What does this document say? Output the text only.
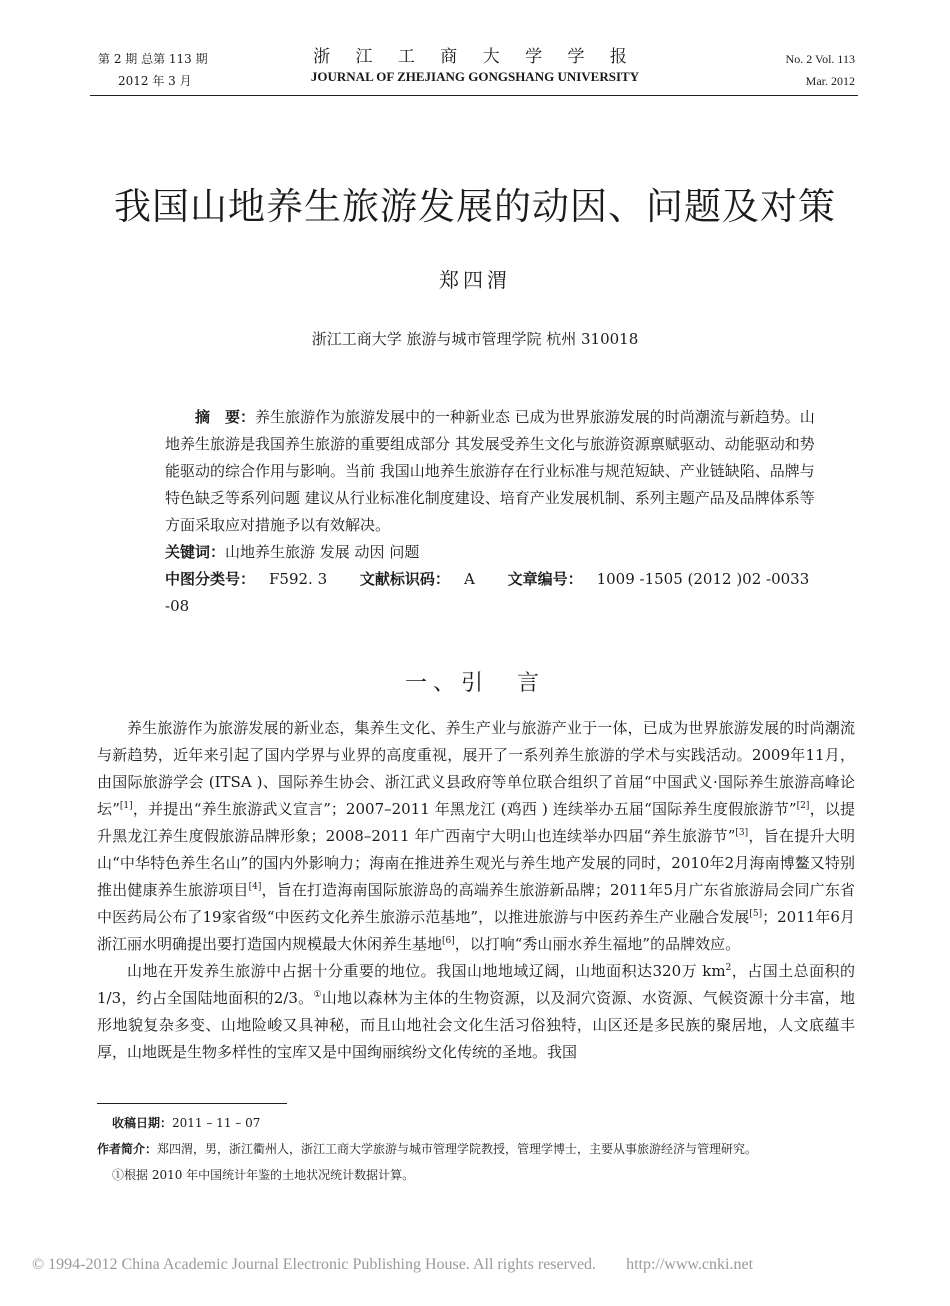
第 2 期 总第 113 期
2012 年 3 月
浙 江 工 商 大 学 学 报
JOURNAL OF ZHEJIANG GONGSHANG UNIVERSITY
No. 2 Vol. 113
Mar. 2012
我国山地养生旅游发展的动因、问题及对策
郑四渭
浙江工商大学 旅游与城市管理学院 杭州 310018

摘　要：养生旅游作为旅游发展中的一种新业态 已成为世界旅游发展的时尚潮流与新趋势。山地养生旅游是我国养生旅游的重要组成部分 其发展受养生文化与旅游资源禀赋驱动、动能驱动和势能驱动的综合作用与影响。当前 我国山地养生旅游存在行业标准与规范短缺、产业链缺陷、品牌与特色缺乏等系列问题 建议从行业标准化制度建设、培育产业发展机制、系列主题产品及品牌体系等方面采取应对措施予以有效解决。

关键词：山地养生旅游 发展 动因 问题

中图分类号： F592. 3 文献标识码： A 文章编号： 1009 -1505 (2012 )02 -0033 -08

一、引　言

养生旅游作为旅游发展的新业态，集养生文化、养生产业与旅游产业于一体，已成为世界旅游发展的时尚潮流与新趋势，近年来引起了国内学界与业界的高度重视，展开了一系列养生旅游的学术与实践活动。2009年11月，由国际旅游学会 (ITSA )、国际养生协会、浙江武义县政府等单位联合组织了首届“中国武义·国际养生旅游高峰论坛”[1]，并提出“养生旅游武义宣言”；2007–2011 年黑龙江 (鸡西 ) 连续举办五届“国际养生度假旅游节”[2]，以提升黑龙江养生度假旅游品牌形象；2008–2011 年广西南宁大明山也连续举办四届“养生旅游节”[3]，旨在提升大明山“中华特色养生名山”的国内外影响力；海南在推进养生观光与养生地产发展的同时，2010年2月海南博鳌又特别推出健康养生旅游项目[4]，旨在打造海南国际旅游岛的高端养生旅游新品牌；2011年5月广东省旅游局会同广东省中医药局公布了19家省级“中医药文化养生旅游示范基地”，以推进旅游与中医药养生产业融合发展[5]；2011年6月浙江丽水明确提出要打造国内规模最大休闲养生基地[6]，以打响“秀山丽水养生福地”的品牌效应。

山地在开发养生旅游中占据十分重要的地位。我国山地地域辽阔，山地面积达320万 $km^2$，占国土总面积的1/3，约占全国陆地面积的2/3。①山地以森林为主体的生物资源，以及洞穴资源、水资源、气候资源十分丰富，地形地貌复杂多变、山地险峻又具神秘，而且山地社会文化生活习俗独特，山区还是多民族的聚居地，人文底蕴丰厚，山地既是生物多样性的宝库又是中国绚丽缤纷文化传统的圣地。我国

收稿日期：2011 – 11 – 07

作者简介：郑四渭，男，浙江衢州人，浙江工商大学旅游与城市管理学院教授，管理学博士，主要从事旅游经济与管理研究。

①根据 2010 年中国统计年鉴的土地状况统计数据计算。

© 1994-2012 China Academic Journal Electronic Publishing House. All rights reserved. http://www.cnki.net
